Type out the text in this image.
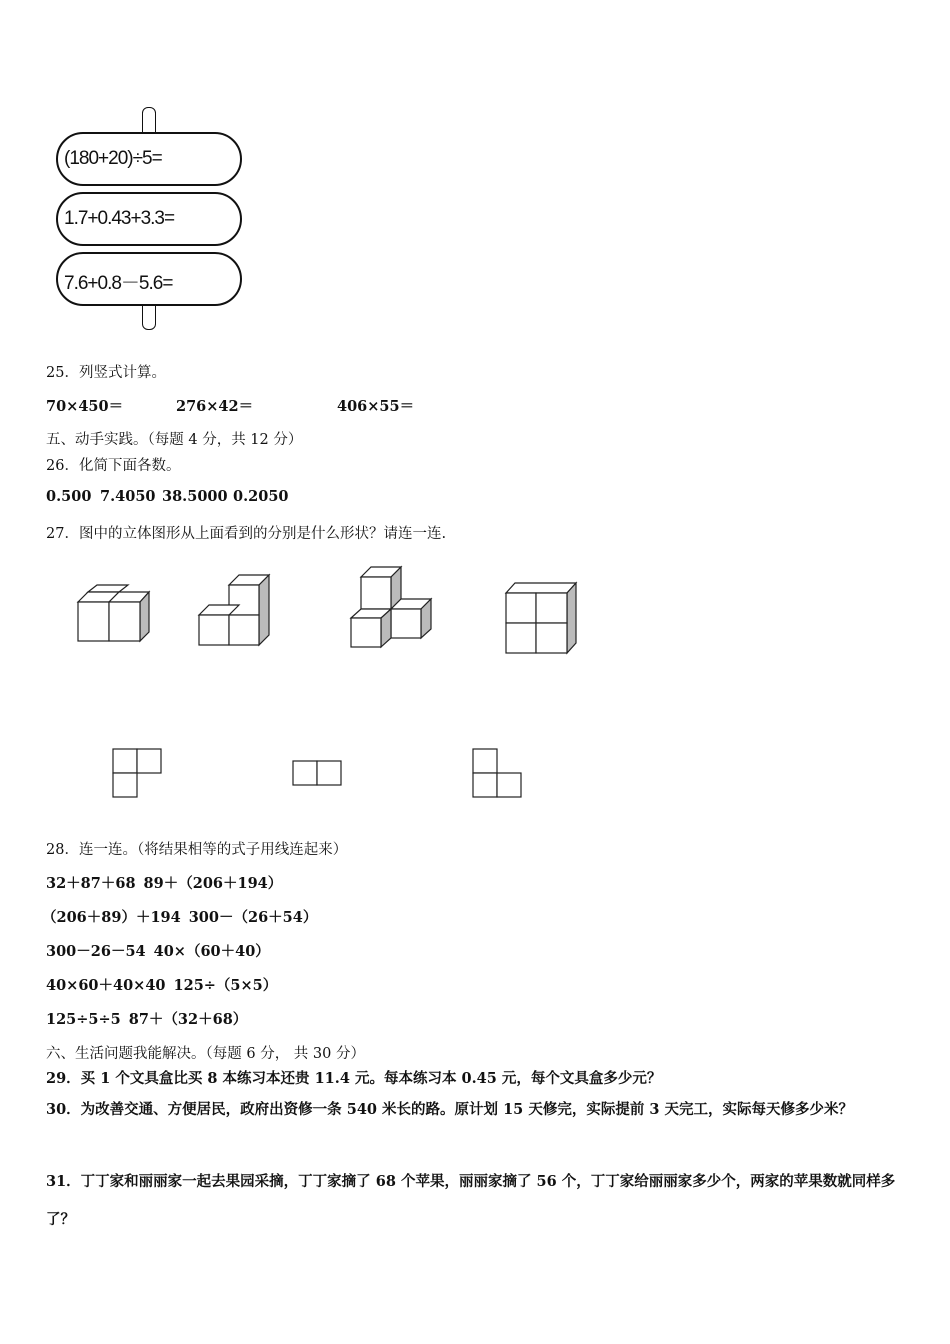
(180+20)÷5=
1.7+0.43+3.3=
7.6+0.8－5.6=
25．列竖式计算。
70×450＝	276×42＝	406×55＝
五、动手实践。（每题 4 分，共 12 分）
26．化简下面各数。
0.500 7.4050 38.5000 0.2050
27．图中的立体图形从上面看到的分别是什么形状？请连一连.
28．连一连。（将结果相等的式子用线连起来）
32＋87＋68 89＋（206＋194）
（206＋89）＋194 300－（26＋54）
300－26－54 40×（60＋40）
40×60＋40×40 125÷（5×5）
125÷5÷5 87＋（32＋68）
六、生活问题我能解决。（每题 6 分， 共 30 分）
29．买 1 个文具盒比买 8 本练习本还贵 11.4 元。每本练习本 0.45 元，每个文具盒多少元？
30．为改善交通、方便居民，政府出资修一条 540 米长的路。原计划 15 天修完，实际提前 3 天完工，实际每天修多少米？
31．丁丁家和丽丽家一起去果园采摘，丁丁家摘了 68 个苹果，丽丽家摘了 56 个，丁丁家给丽丽家多少个，两家的苹果数就同样多了？
